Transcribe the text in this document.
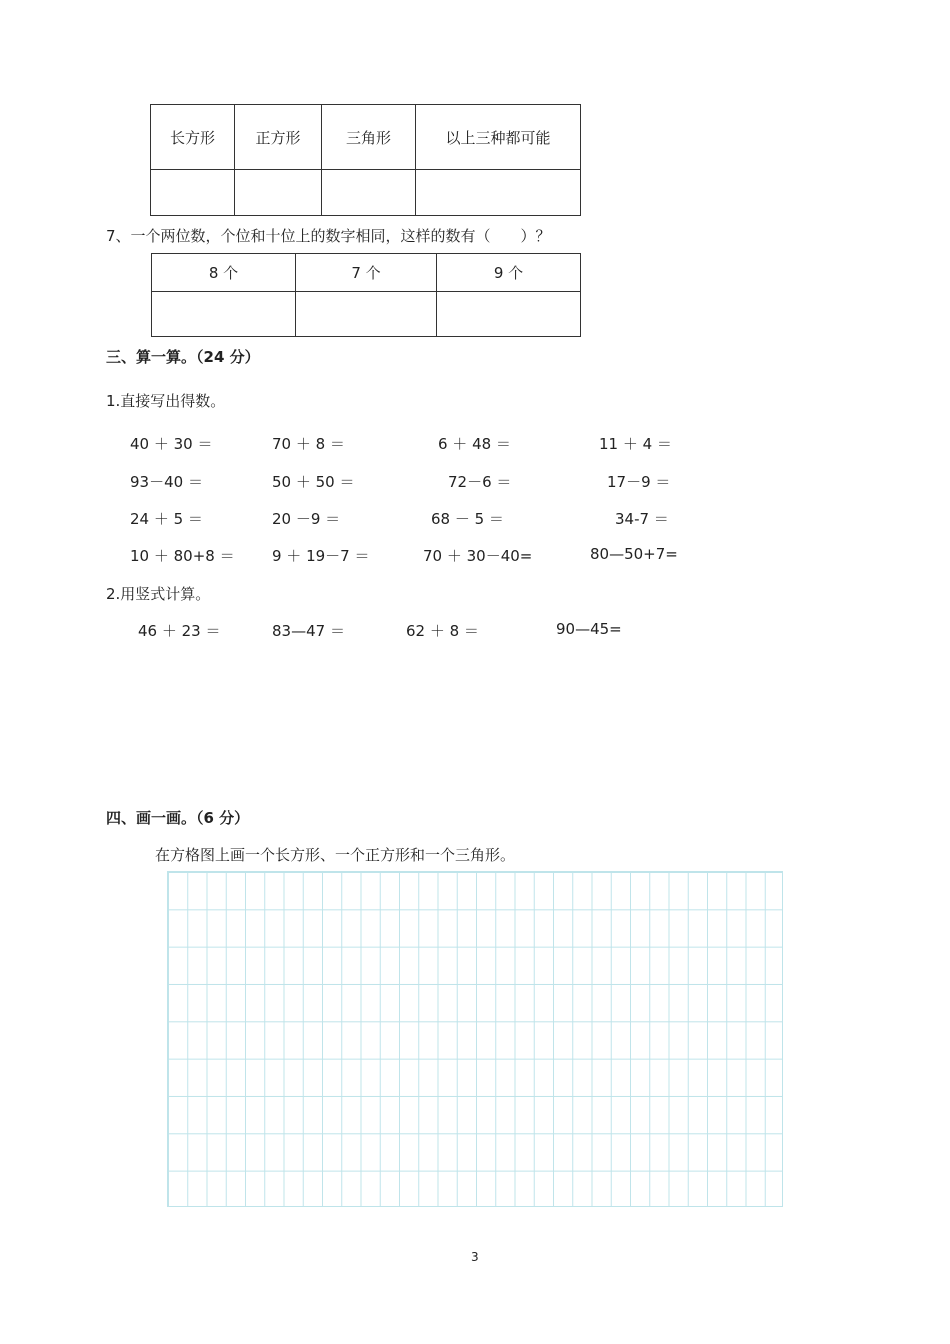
长方形	正方形	三角形	以上三种都可能

7、一个两位数，个位和十位上的数字相同，这样的数有（　　）？
8 个	7 个	9 个

三、算一算。（24 分）
1.直接写出得数。
40 ＋ 30 ＝	70 ＋ 8 ＝	6 ＋ 48 ＝	11 ＋ 4 ＝
93－40 ＝	50 ＋ 50 ＝	72－6 ＝	17－9 ＝
24 ＋ 5 ＝	20 －9 ＝	68 － 5 ＝	34-7 ＝
10 ＋ 80+8 ＝ 9 ＋ 19－7 ＝	70 ＋ 30－40=	80—50+7=
2.用竖式计算。
46 ＋ 23 ＝	83—47 ＝	62 ＋ 8 ＝	90—45=
四、画一画。（6 分）
在方格图上画一个长方形、一个正方形和一个三角形。
3
